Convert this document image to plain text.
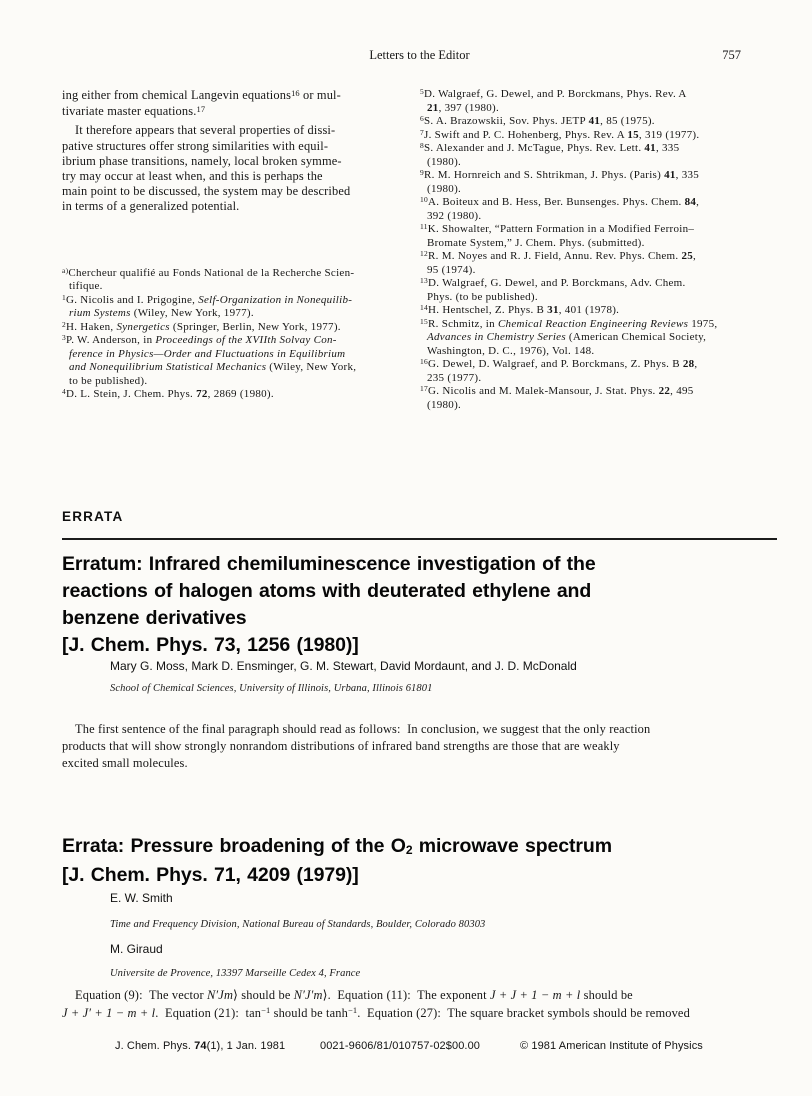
Letters to the Editor	757
ing either from chemical Langevin equations$^{16}$ or mul-
tivariate master equations.$^{17}$
It therefore appears that several properties of dissi-
pative structures offer strong similarities with equil-
ibrium phase transitions, namely, local broken symme-
try may occur at least when, and this is perhaps the
main point to be discussed, the system may be described
in terms of a generalized potential.
$^{a)}$Chercheur qualifié au Fonds National de la Recherche Scien-
tifique.
$^1$G. Nicolis and I. Prigogine, Self-Organization in Nonequilib-
rium Systems (Wiley, New York, 1977).
$^2$H. Haken, Synergetics (Springer, Berlin, New York, 1977).
$^3$P. W. Anderson, in Proceedings of the XVIIth Solvay Con-
ference in Physics—Order and Fluctuations in Equilibrium
and Nonequilibrium Statistical Mechanics (Wiley, New York,
to be published).
$^4$D. L. Stein, J. Chem. Phys. 72, 2869 (1980).
$^5$D. Walgraef, G. Dewel, and P. Borckmans, Phys. Rev. A
21, 397 (1980).
$^6$S. A. Brazowskii, Sov. Phys. JETP 41, 85 (1975).
$^7$J. Swift and P. C. Hohenberg, Phys. Rev. A 15, 319 (1977).
$^8$S. Alexander and J. McTague, Phys. Rev. Lett. 41, 335
(1980).
$^9$R. M. Hornreich and S. Shtrikman, J. Phys. (Paris) 41, 335
(1980).
$^{10}$A. Boiteux and B. Hess, Ber. Bunsenges. Phys. Chem. 84,
392 (1980).
$^{11}$K. Showalter, “Pattern Formation in a Modified Ferroin–
Bromate System,” J. Chem. Phys. (submitted).
$^{12}$R. M. Noyes and R. J. Field, Annu. Rev. Phys. Chem. 25,
95 (1974).
$^{13}$D. Walgraef, G. Dewel, and P. Borckmans, Adv. Chem.
Phys. (to be published).
$^{14}$H. Hentschel, Z. Phys. B 31, 401 (1978).
$^{15}$R. Schmitz, in Chemical Reaction Engineering Reviews 1975,
Advances in Chemistry Series (American Chemical Society,
Washington, D. C., 1976), Vol. 148.
$^{16}$G. Dewel, D. Walgraef, and P. Borckmans, Z. Phys. B 28,
235 (1977).
$^{17}$G. Nicolis and M. Malek-Mansour, J. Stat. Phys. 22, 495
(1980).
ERRATA
Erratum: Infrared chemiluminescence investigation of the
reactions of halogen atoms with deuterated ethylene and
benzene derivatives
[J. Chem. Phys. 73, 1256 (1980)]
Mary G. Moss, Mark D. Ensminger, G. M. Stewart, David Mordaunt, and J. D. McDonald
School of Chemical Sciences, University of Illinois, Urbana, Illinois 61801
The first sentence of the final paragraph should read as follows:  In conclusion, we suggest that the only reaction
products that will show strongly nonrandom distributions of infrared band strengths are those that are weakly
excited small molecules.
Errata: Pressure broadening of the $O_2$ microwave spectrum
[J. Chem. Phys. 71, 4209 (1979)]
E. W. Smith
Time and Frequency Division, National Bureau of Standards, Boulder, Colorado 80303
M. Giraud
Universite de Provence, 13397 Marseille Cedex 4, France
Equation (9):  The vector N′Jm⟩ should be N′J′m⟩.  Equation (11):  The exponent J + J + 1 − m + l should be
J + J′ + 1 − m + l.  Equation (21):  $\tan^{-1}$ should be $\tanh^{-1}$.  Equation (27):  The square bracket symbols should be removed
J. Chem. Phys. 74(1), 1 Jan. 1981	0021-9606/81/010757-02$00.00	© 1981 American Institute of Physics
